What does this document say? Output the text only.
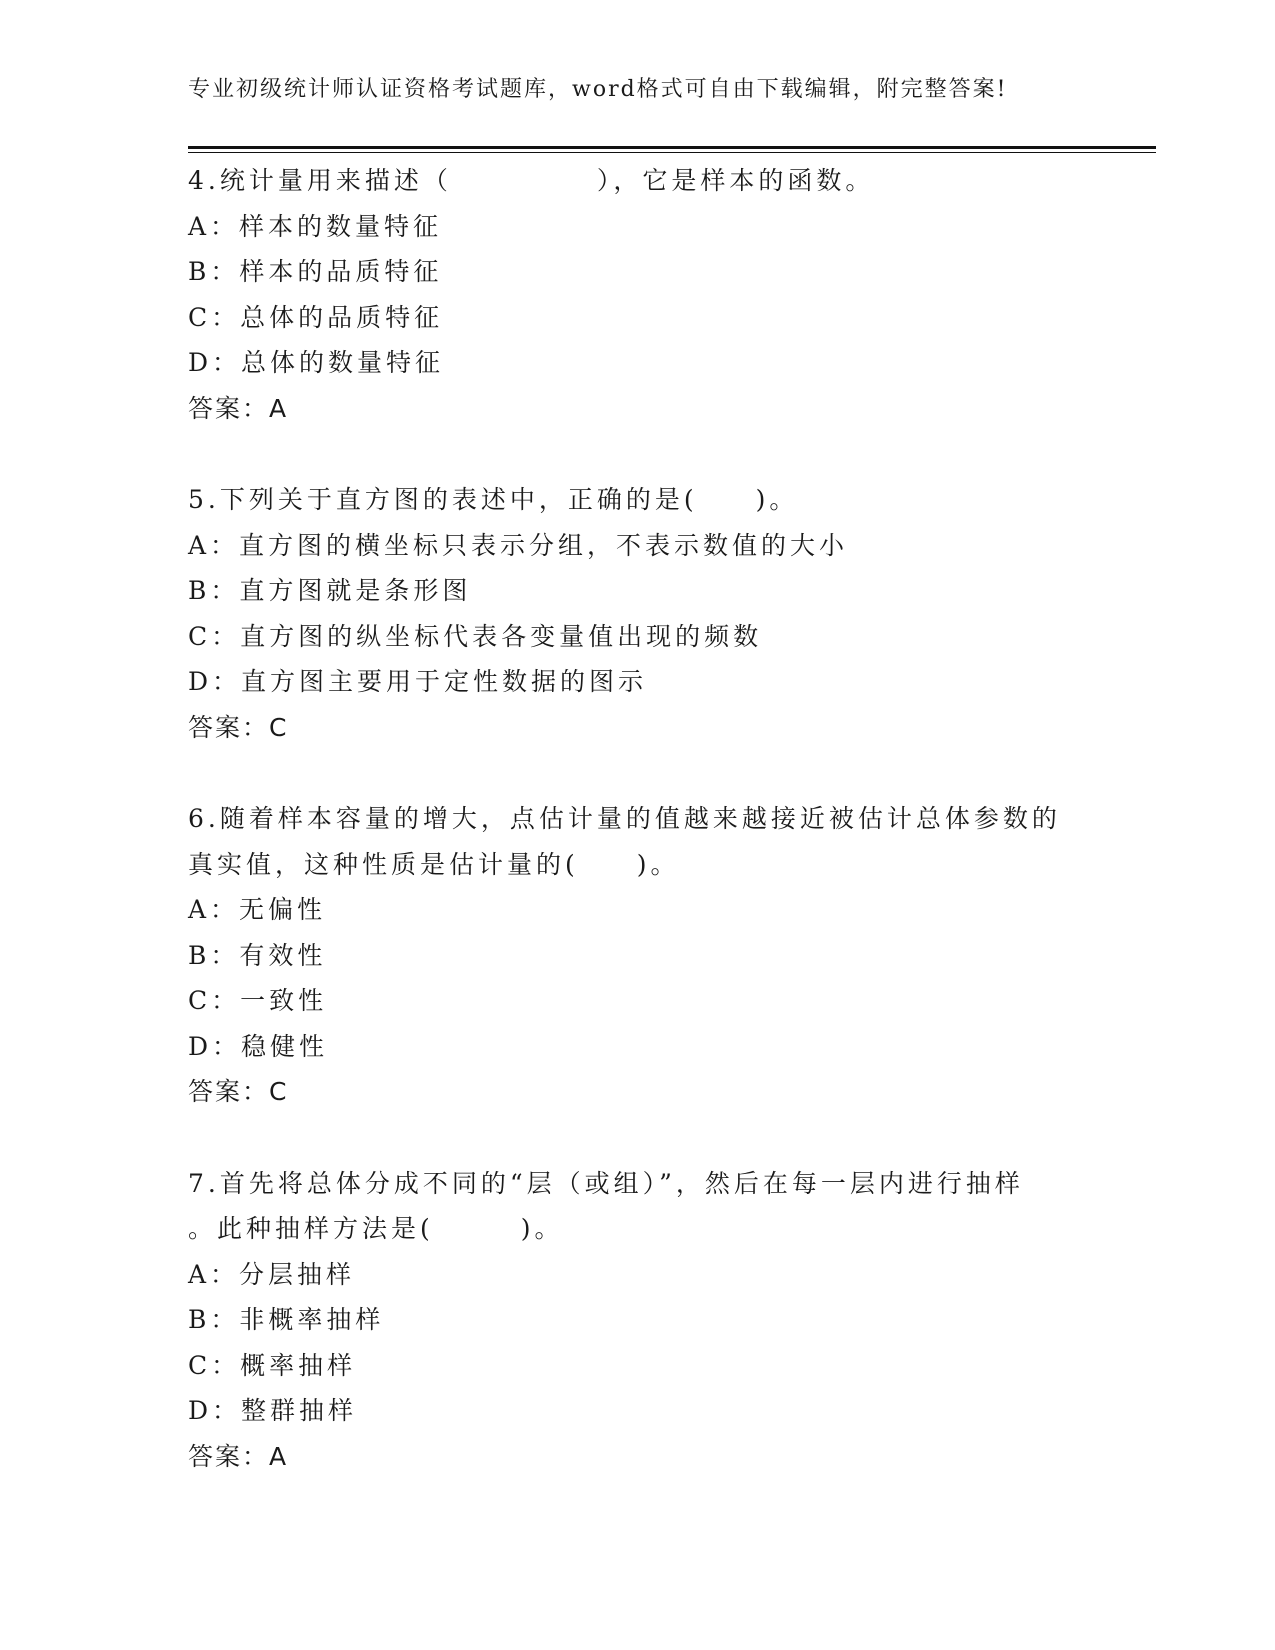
专业初级统计师认证资格考试题库，word格式可自由下载编辑，附完整答案!
4.统计量用来描述（　　　　　），它是样本的函数。
A：样本的数量特征
B：样本的品质特征
C：总体的品质特征
D：总体的数量特征
答案：A
5.下列关于直方图的表述中，正确的是(　　)。
A：直方图的横坐标只表示分组，不表示数值的大小
B：直方图就是条形图
C：直方图的纵坐标代表各变量值出现的频数
D：直方图主要用于定性数据的图示
答案：C
6.随着样本容量的增大，点估计量的值越来越接近被估计总体参数的
真实值，这种性质是估计量的(　　)。
A：无偏性
B：有效性
C：一致性
D：稳健性
答案：C
7.首先将总体分成不同的“层（或组）”，然后在每一层内进行抽样
。此种抽样方法是(　　　)。
A：分层抽样
B：非概率抽样
C：概率抽样
D：整群抽样
答案：A
